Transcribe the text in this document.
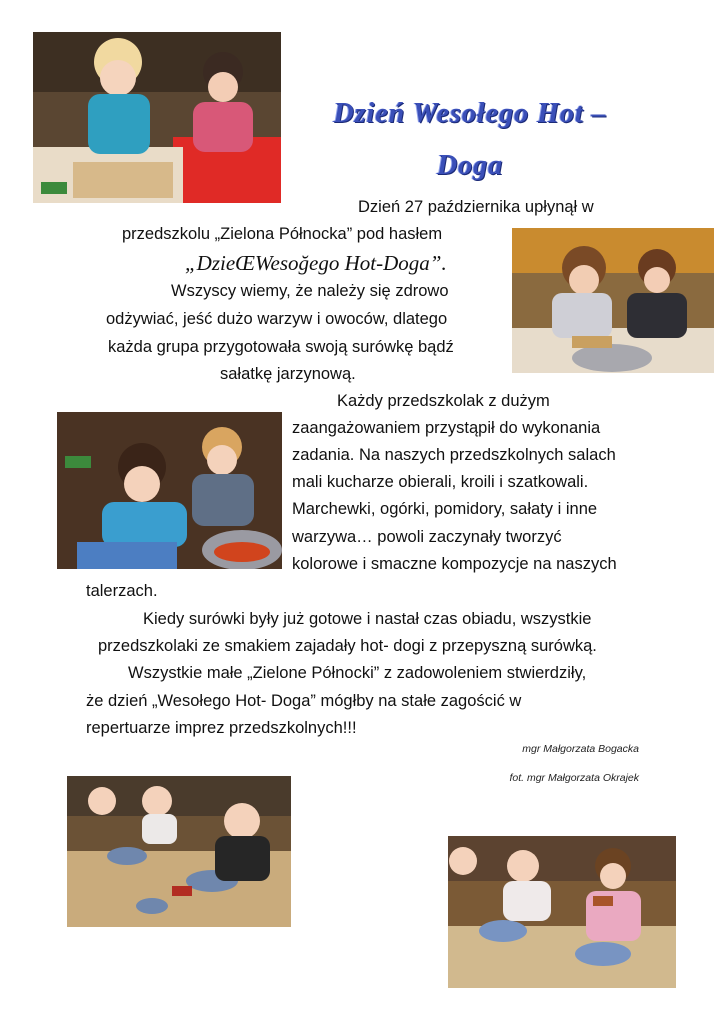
Dzień Wesołego Hot –
Doga
Dzień 27 października upłynął w
przedszkolu „Zielona Północka” pod hasłem
„DzieŒWesoğego Hot-Doga”.
Wszyscy wiemy, że należy się zdrowo
odżywiać, jeść dużo warzyw i owoców, dlatego
każda grupa przygotowała swoją surówkę bądź
sałatkę jarzynową.
Każdy przedszkolak z dużym
zaangażowaniem przystąpił do wykonania
zadania. Na naszych przedszkolnych salach
mali kucharze obierali, kroili i szatkowali.
Marchewki, ogórki, pomidory, sałaty i inne
warzywa… powoli zaczynały tworzyć
kolorowe i smaczne kompozycje na naszych
talerzach.
Kiedy surówki były już gotowe i nastał czas obiadu, wszystkie
przedszkolaki ze smakiem zajadały hot- dogi z przepyszną surówką.
Wszystkie małe „Zielone Północki” z zadowoleniem stwierdziły,
że dzień „Wesołego Hot- Doga” mógłby na stałe zagościć w
repertuarze imprez przedszkolnych!!!
mgr Małgorzata Bogacka
fot. mgr Małgorzata Okrajek
